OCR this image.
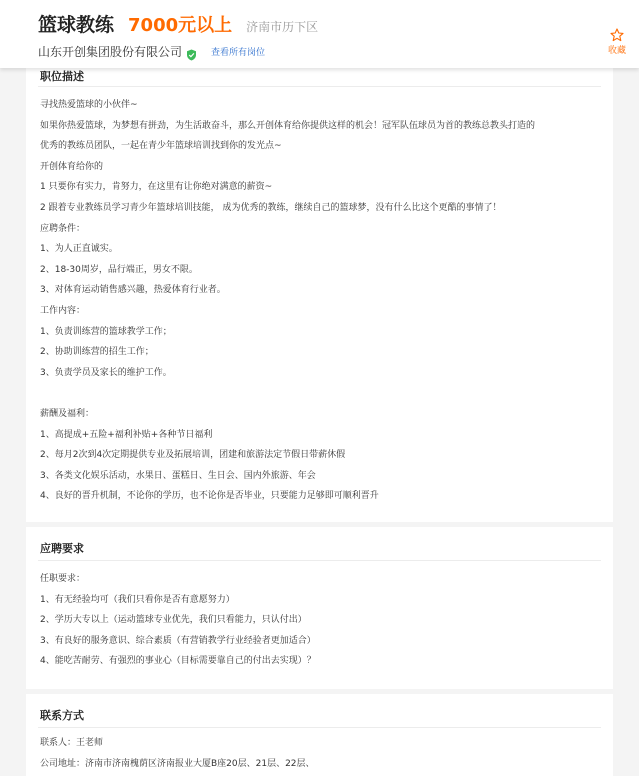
篮球教练 7000元以上 济南市历下区
山东开创集团股份有限公司	查看所有岗位	收藏
职位描述
寻找热爱篮球的小伙伴~
如果你热爱篮球，为梦想有拼劲，为生活敢奋斗，那么开创体育给你提供这样的机会！冠军队伍球员为首的教练总教头打造的
优秀的教练员团队，一起在青少年篮球培训找到你的发光点~
开创体育给你的
1 只要你有实力，肯努力，在这里有让你绝对满意的薪资~
2 跟着专业教练员学习青少年篮球培训技能， 成为优秀的教练，继续自己的篮球梦，没有什么比这个更酷的事情了！
应聘条件：
1、为人正直诚实。
2、18-30周岁，品行端正，男女不限。
3、对体育运动销售感兴趣，热爱体育行业者。
工作内容：
1、负责训练营的篮球教学工作；
2、协助训练营的招生工作；
3、负责学员及家长的维护工作。
薪酬及福利：
1、高提成+五险+福利补贴+各种节日福利
2、每月2次到4次定期提供专业及拓展培训，团建和旅游法定节假日带薪休假
3、各类文化娱乐活动，水果日、蛋糕日、生日会、国内外旅游、年会
4、良好的晋升机制，不论你的学历，也不论你是否毕业，只要能力足够即可顺利晋升
应聘要求
任职要求：
1、有无经验均可（我们只看你是否有意愿努力）
2、学历大专以上（运动篮球专业优先，我们只看能力，只认付出）
3、有良好的服务意识、综合素质（有营销教学行业经验者更加适合）
4、能吃苦耐劳、有强烈的事业心（目标需要靠自己的付出去实现）？
联系方式
联系人：王老师
公司地址：济南市济南槐荫区济南报业大厦B座20层、21层、22层、
